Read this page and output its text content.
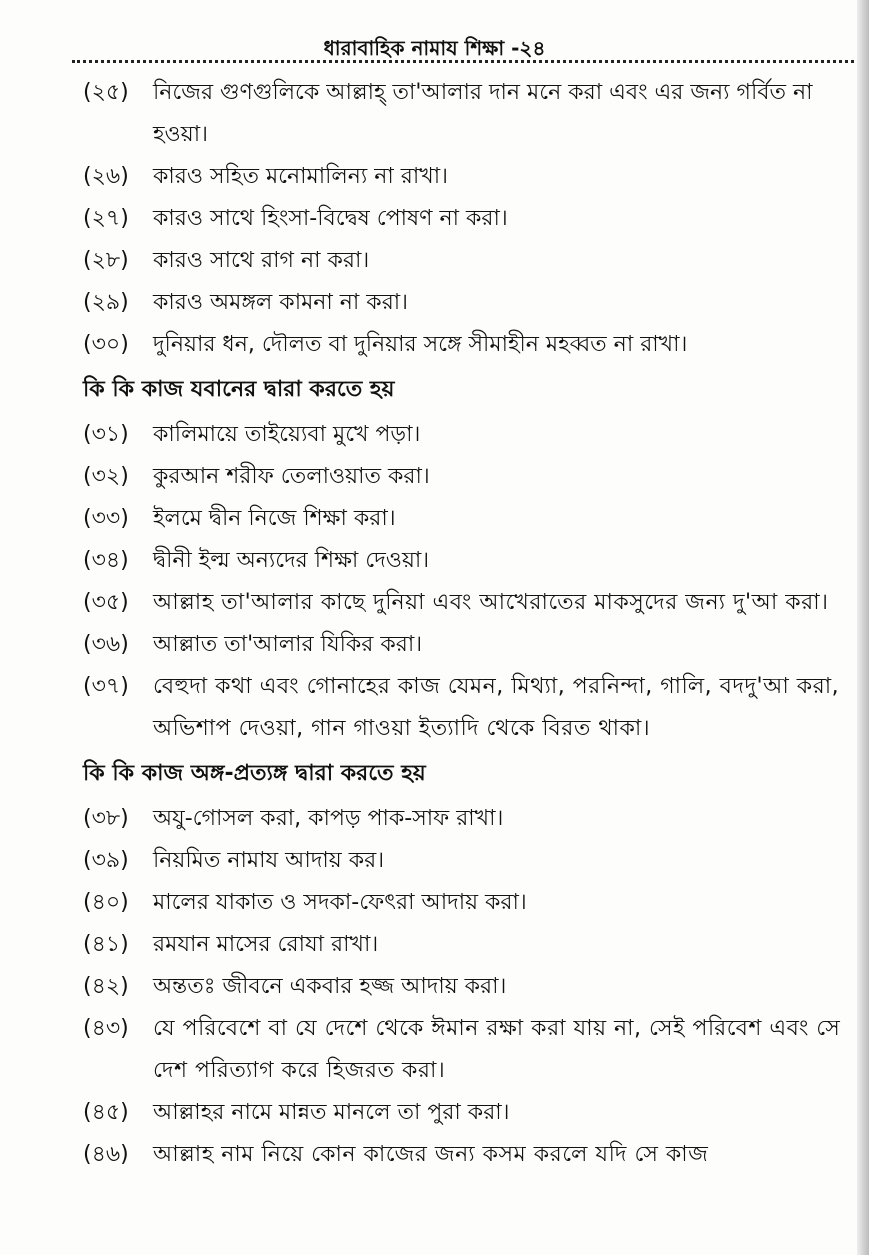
ধারাবাহিক নামায শিক্ষা -২৪
(২৫)	নিজের গুণগুলিকে আল্লাহ্ তা'আলার দান মনে করা এবং এর জন্য গর্বিত না হওয়া।
(২৬)	কারও সহিত মনোমালিন্য না রাখা।
(২৭)	কারও সাথে হিংসা-বিদ্বেষ পোষণ না করা।
(২৮)	কারও সাথে রাগ না করা।
(২৯)	কারও অমঙ্গল কামনা না করা।
(৩০)	দুনিয়ার ধন, দৌলত বা দুনিয়ার সঙ্গে সীমাহীন মহব্বত না রাখা।
কি কি কাজ যবানের দ্বারা করতে হয়
(৩১)	কালিমায়ে তাইয়্যেবা মুখে পড়া।
(৩২)	কুরআন শরীফ তেলাওয়াত করা।
(৩৩)	ইলমে দ্বীন নিজে শিক্ষা করা।
(৩৪)	দ্বীনী ইল্ম অন্যদের শিক্ষা দেওয়া।
(৩৫)	আল্লাহ তা'আলার কাছে দুনিয়া এবং আখেরাতের মাকসুদের জন্য দু'আ করা।
(৩৬)	আল্লাত তা'আলার যিকির করা।
(৩৭)	বেহুদা কথা এবং গোনাহের কাজ যেমন, মিথ্যা, পরনিন্দা, গালি, বদদু'আ করা, অভিশাপ দেওয়া, গান গাওয়া ইত্যাদি থেকে বিরত থাকা।
কি কি কাজ অঙ্গ-প্রত্যঙ্গ দ্বারা করতে হয়
(৩৮)	অযু-গোসল করা, কাপড় পাক-সাফ রাখা।
(৩৯)	নিয়মিত নামায আদায় কর।
(৪০)	মালের যাকাত ও সদকা-ফেৎরা আদায় করা।
(৪১)	রমযান মাসের রোযা রাখা।
(৪২)	অন্ততঃ জীবনে একবার হজ্জ আদায় করা।
(৪৩)	যে পরিবেশে বা যে দেশে থেকে ঈমান রক্ষা করা যায় না, সেই পরিবেশ এবং সে দেশ পরিত্যাগ করে হিজরত করা।
(৪৫)	আল্লাহর নামে মান্নত মানলে তা পুরা করা।
(৪৬)	আল্লাহ নাম নিয়ে কোন কাজের জন্য কসম করলে যদি সে কাজ
